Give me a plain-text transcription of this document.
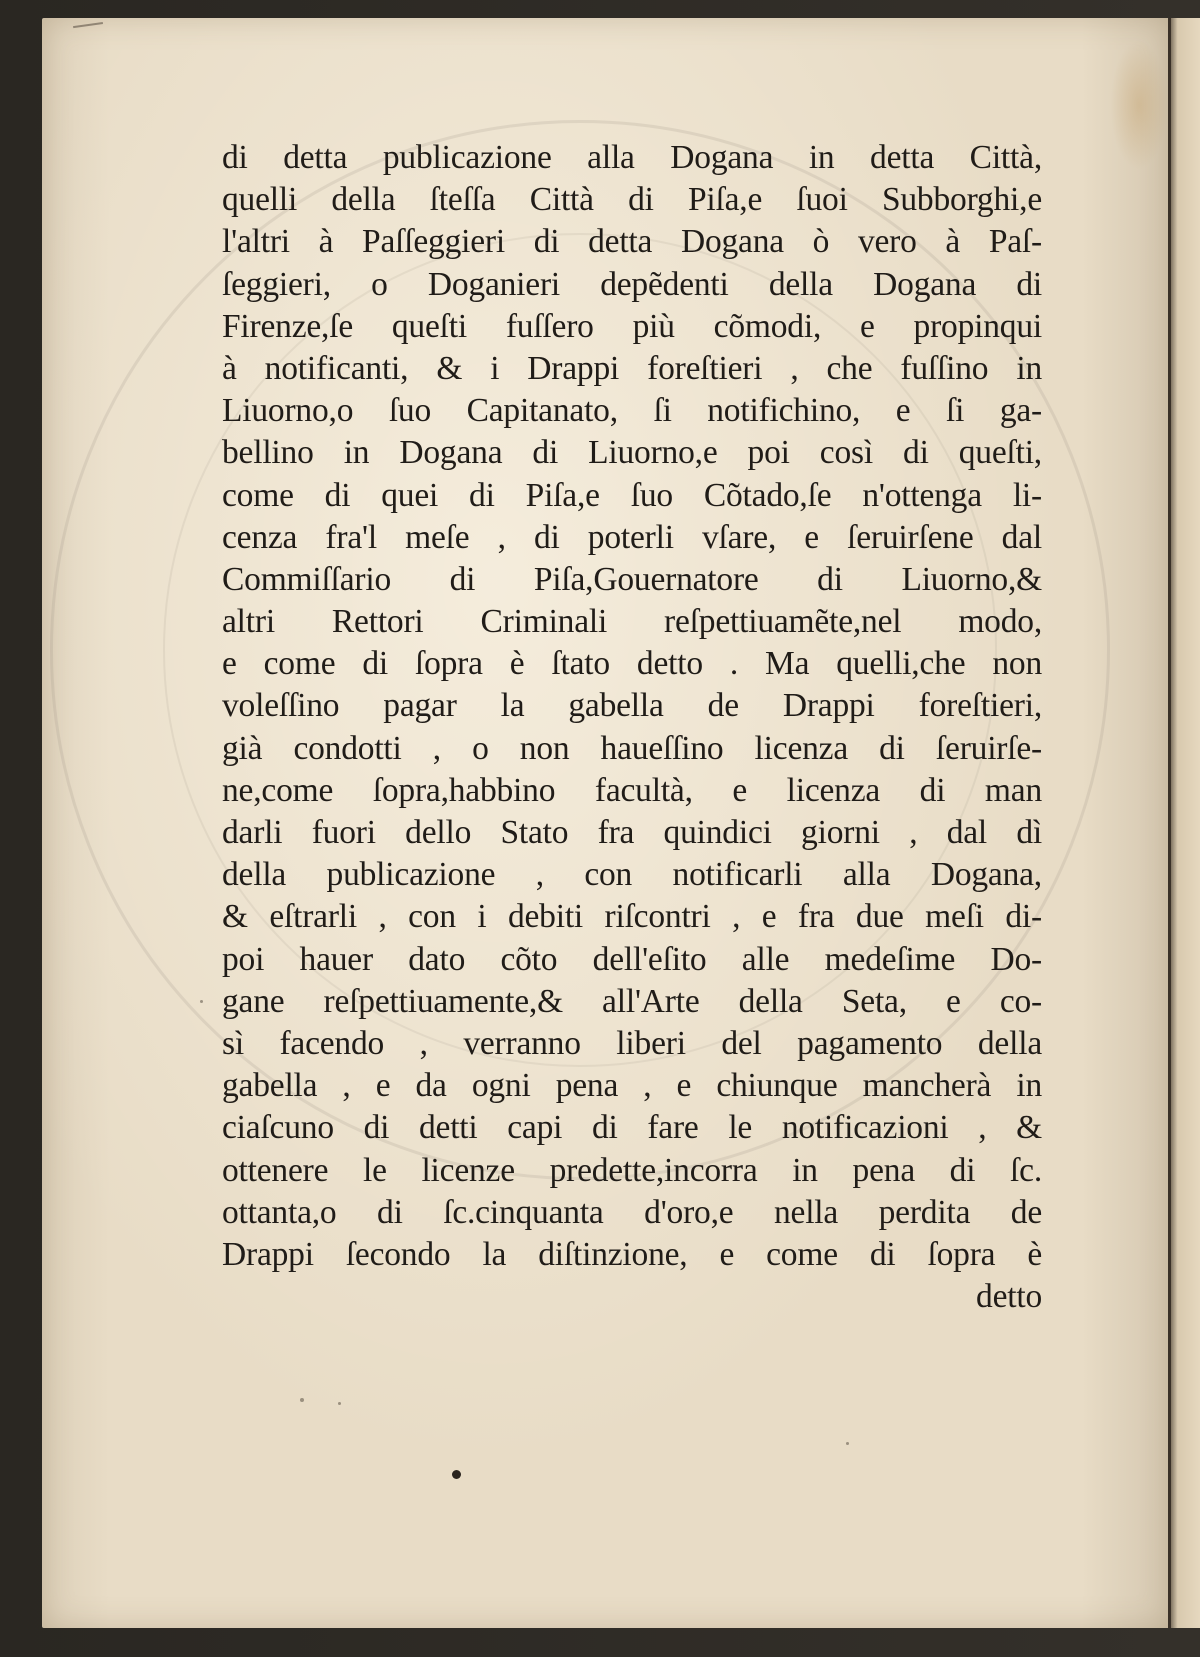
di detta publicazione alla Dogana in detta Città,
quelli della ſteſſa Città di Piſa,e ſuoi Subborghi,e
l'altri à Paſſeggieri di detta Dogana ò vero à Paſ-
ſeggieri, o Doganieri depẽdenti della Dogana di
Firenze,ſe queſti fuſſero più cõmodi, e propinqui
à notificanti, & i Drappi foreſtieri , che fuſſino in
Liuorno,o ſuo Capitanato, ſi notifichino, e ſi ga-
bellino in Dogana di Liuorno,e poi così di queſti,
come di quei di Piſa,e ſuo Cõtado,ſe n'ottenga li-
cenza fra'l meſe , di poterli vſare, e ſeruirſene dal
Commiſſario di Piſa,Gouernatore di Liuorno,&
altri Rettori Criminali reſpettiuamẽte,nel modo,
e come di ſopra è ſtato detto . Ma quelli,che non
voleſſino pagar la gabella de Drappi foreſtieri,
già condotti , o non haueſſino licenza di ſeruirſe-
ne,come ſopra,habbino facultà, e licenza di man
darli fuori dello Stato fra quindici giorni , dal dì
della publicazione , con notificarli alla Dogana,
& eſtrarli , con i debiti riſcontri , e fra due meſi di-
poi hauer dato cõto dell'eſito alle medeſime Do-
gane reſpettiuamente,& all'Arte della Seta, e co-
sì facendo , verranno liberi del pagamento della
gabella , e da ogni pena , e chiunque mancherà in
ciaſcuno di detti capi di fare le notificazioni , &
ottenere le licenze predette,incorra in pena di ſc.
ottanta,o di ſc.cinquanta d'oro,e nella perdita de
Drappi ſecondo la diſtinzione, e come di ſopra è
detto
